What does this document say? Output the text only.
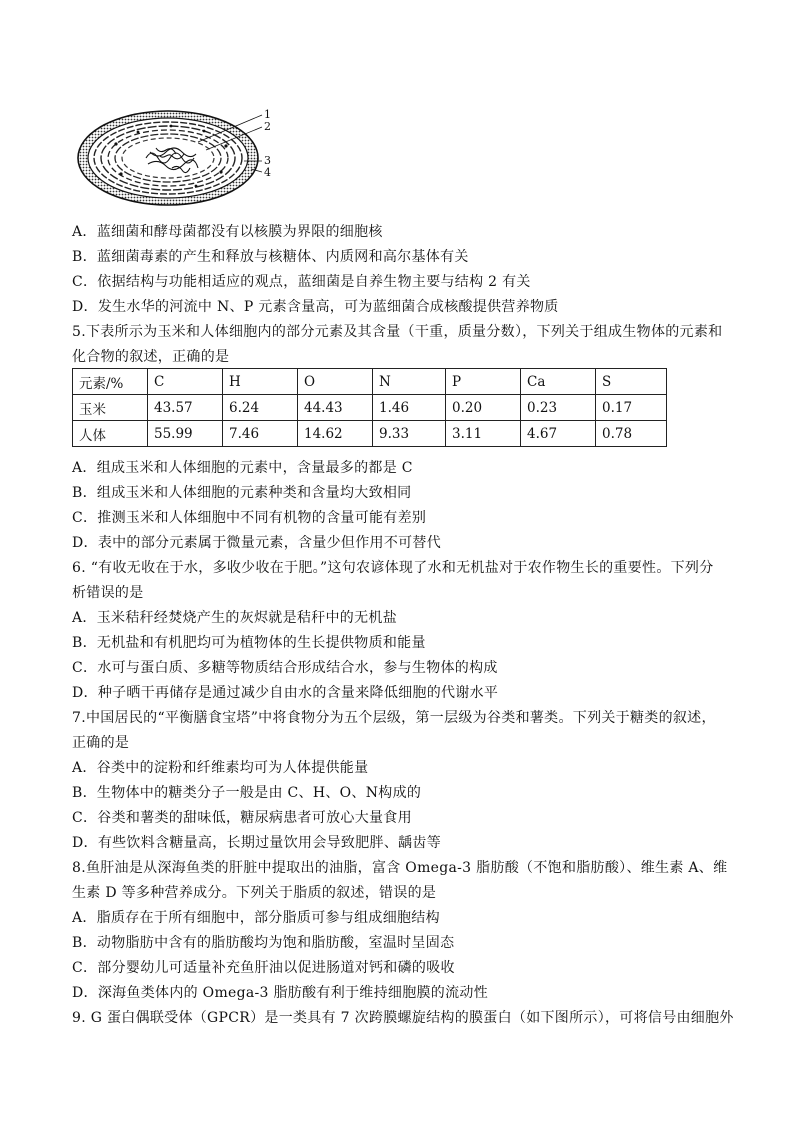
1
2
3
4
A．蓝细菌和酵母菌都没有以核膜为界限的细胞核
B．蓝细菌毒素的产生和释放与核糖体、内质网和高尔基体有关
C．依据结构与功能相适应的观点，蓝细菌是自养生物主要与结构 2 有关
D．发生水华的河流中 N、P 元素含量高，可为蓝细菌合成核酸提供营养物质
5.下表所示为玉米和人体细胞内的部分元素及其含量（干重，质量分数），下列关于组成生物体的元素和
化合物的叙述，正确的是
元素/%	C	H	O	N	P	Ca	S
玉米	43.57	6.24	44.43	1.46	0.20	0.23	0.17
人体	55.99	7.46	14.62	9.33	3.11	4.67	0.78
A．组成玉米和人体细胞的元素中，含量最多的都是 C
B．组成玉米和人体细胞的元素种类和含量均大致相同
C．推测玉米和人体细胞中不同有机物的含量可能有差别
D．表中的部分元素属于微量元素，含量少但作用不可替代
6. “有收无收在于水，多收少收在于肥。”这句农谚体现了水和无机盐对于农作物生长的重要性。下列分
析错误的是
A．玉米秸秆经焚烧产生的灰烬就是秸秆中的无机盐
B．无机盐和有机肥均可为植物体的生长提供物质和能量
C．水可与蛋白质、多糖等物质结合形成结合水，参与生物体的构成
D．种子晒干再储存是通过减少自由水的含量来降低细胞的代谢水平
7.中国居民的“平衡膳食宝塔”中将食物分为五个层级，第一层级为谷类和薯类。下列关于糖类的叙述，
正确的是
A．谷类中的淀粉和纤维素均可为人体提供能量
B．生物体中的糖类分子一般是由 C、H、O、N构成的
C．谷类和薯类的甜味低，糖尿病患者可放心大量食用
D．有些饮料含糖量高，长期过量饮用会导致肥胖、龋齿等
8.鱼肝油是从深海鱼类的肝脏中提取出的油脂，富含 Omega-3 脂肪酸（不饱和脂肪酸）、维生素 A、维
生素 D 等多种营养成分。下列关于脂质的叙述，错误的是
A．脂质存在于所有细胞中，部分脂质可参与组成细胞结构
B．动物脂肪中含有的脂肪酸均为饱和脂肪酸，室温时呈固态
C．部分婴幼儿可适量补充鱼肝油以促进肠道对钙和磷的吸收
D．深海鱼类体内的 Omega-3 脂肪酸有利于维持细胞膜的流动性
9. G 蛋白偶联受体（GPCR）是一类具有 7 次跨膜螺旋结构的膜蛋白（如下图所示），可将信号由细胞外
